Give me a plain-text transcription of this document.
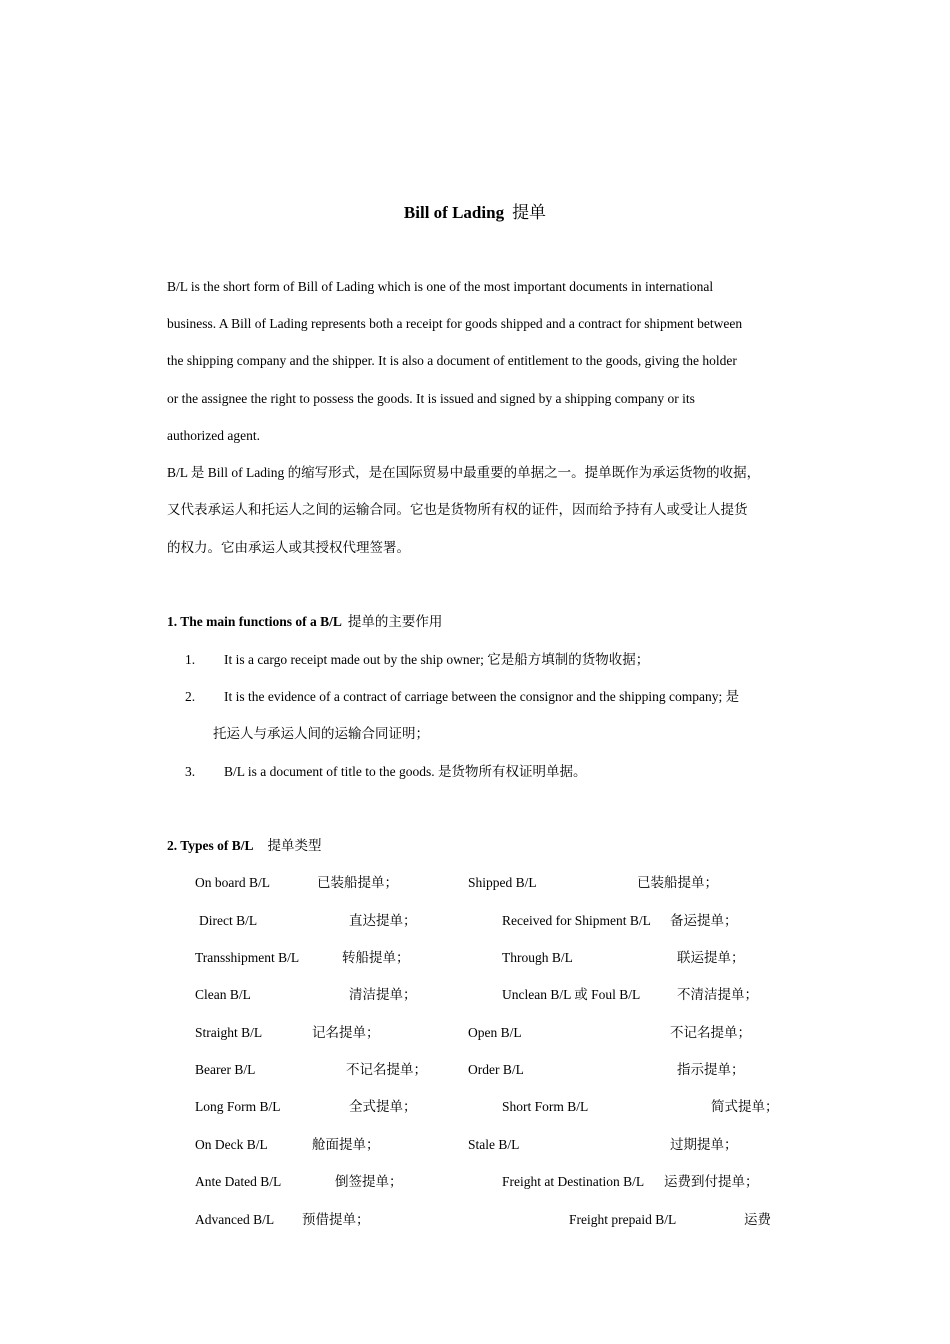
Bill of Lading 提单
B/L is the short form of Bill of Lading which is one of the most important documents in international
business. A Bill of Lading represents both a receipt for goods shipped and a contract for shipment between
the shipping company and the shipper. It is also a document of entitlement to the goods, giving the holder
or the assignee the right to possess the goods. It is issued and signed by a shipping company or its
authorized agent.
B/L 是 Bill of Lading 的缩写形式，是在国际贸易中最重要的单据之一。提单既作为承运货物的收据，
又代表承运人和托运人之间的运输合同。它也是货物所有权的证件，因而给予持有人或受让人提货
的权力。它由承运人或其授权代理签署。
1. The main functions of a B/L 提单的主要作用
1. It is a cargo receipt made out by the ship owner; 它是船方填制的货物收据；
2. It is the evidence of a contract of carriage between the consignor and the shipping company; 是
托运人与承运人间的运输合同证明；
3. B/L is a document of title to the goods. 是货物所有权证明单据。
2. Types of B/L 提单类型
On board B/L	已装船提单；	Shipped B/L	已装船提单；
Direct B/L	直达提单；	Received for Shipment B/L 备运提单；
Transshipment B/L	转船提单；	Through B/L	联运提单；
Clean B/L	清洁提单；	Unclean B/L 或 Foul B/L	不清洁提单；
Straight B/L	记名提单；	Open B/L	不记名提单；
Bearer B/L	不记名提单；	Order B/L	指示提单；
Long Form B/L	全式提单；	Short Form B/L	简式提单；
On Deck B/L	舱面提单；	Stale B/L	过期提单；
Ante Dated B/L	倒签提单；	Freight at Destination B/L 运费到付提单；
Advanced B/L 预借提单；	Freight prepaid B/L	运费
